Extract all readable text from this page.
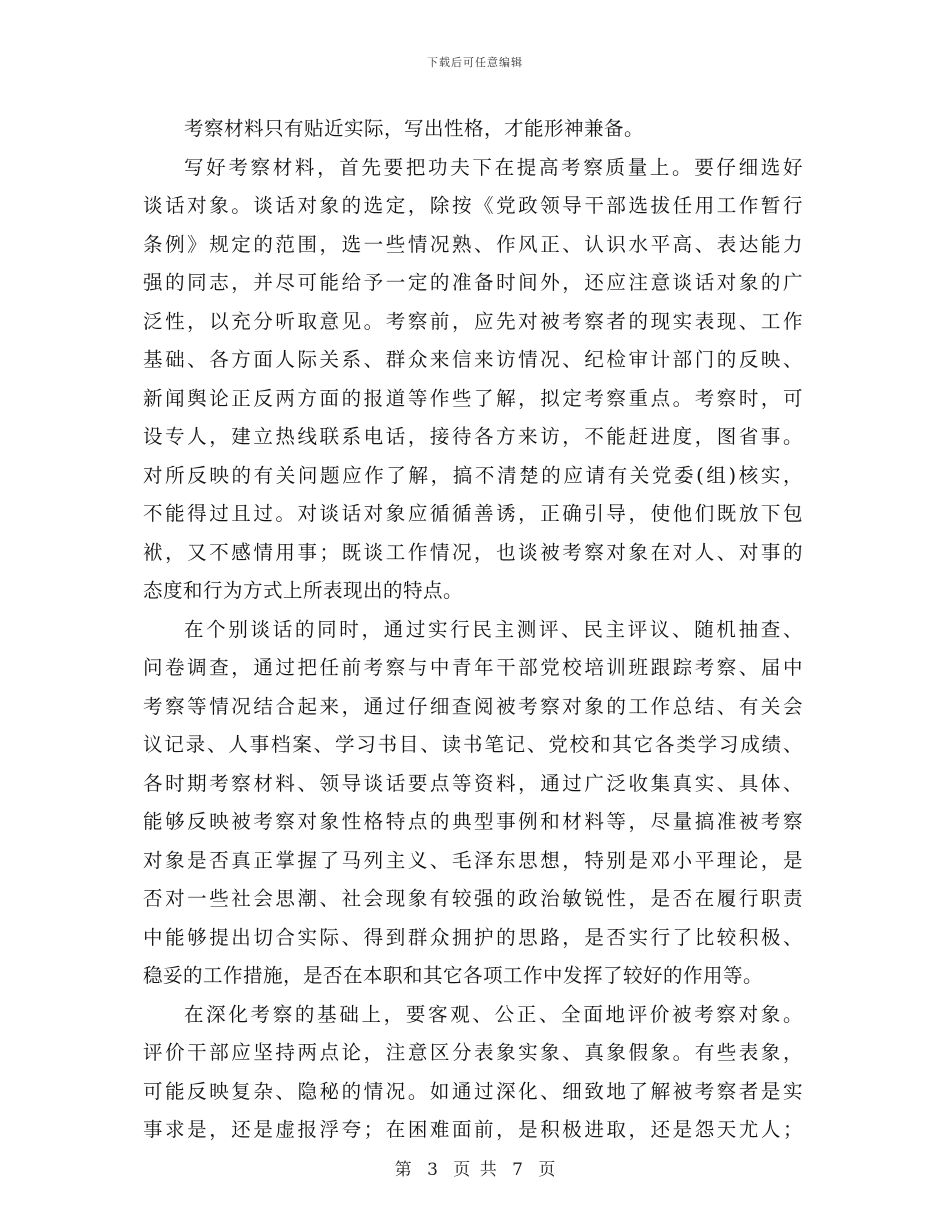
下载后可任意编辑
考察材料只有贴近实际，写出性格，才能形神兼备。
写好考察材料，首先要把功夫下在提高考察质量上。要仔细选好
谈话对象。谈话对象的选定，除按《党政领导干部选拔任用工作暂行
条例》规定的范围，选一些情况熟、作风正、认识水平高、表达能力
强的同志，并尽可能给予一定的准备时间外，还应注意谈话对象的广
泛性，以充分听取意见。考察前，应先对被考察者的现实表现、工作
基础、各方面人际关系、群众来信来访情况、纪检审计部门的反映、
新闻舆论正反两方面的报道等作些了解，拟定考察重点。考察时，可
设专人，建立热线联系电话，接待各方来访，不能赶进度，图省事。
对所反映的有关问题应作了解，搞不清楚的应请有关党委(组)核实，
不能得过且过。对谈话对象应循循善诱，正确引导，使他们既放下包
袱，又不感情用事；既谈工作情况，也谈被考察对象在对人、对事的
态度和行为方式上所表现出的特点。
在个别谈话的同时，通过实行民主测评、民主评议、随机抽查、
问卷调查，通过把任前考察与中青年干部党校培训班跟踪考察、届中
考察等情况结合起来，通过仔细查阅被考察对象的工作总结、有关会
议记录、人事档案、学习书目、读书笔记、党校和其它各类学习成绩、
各时期考察材料、领导谈话要点等资料，通过广泛收集真实、具体、
能够反映被考察对象性格特点的典型事例和材料等，尽量搞准被考察
对象是否真正掌握了马列主义、毛泽东思想，特别是邓小平理论，是
否对一些社会思潮、社会现象有较强的政治敏锐性，是否在履行职责
中能够提出切合实际、得到群众拥护的思路，是否实行了比较积极、
稳妥的工作措施，是否在本职和其它各项工作中发挥了较好的作用等。
在深化考察的基础上，要客观、公正、全面地评价被考察对象。
评价干部应坚持两点论，注意区分表象实象、真象假象。有些表象，
可能反映复杂、隐秘的情况。如通过深化、细致地了解被考察者是实
事求是，还是虚报浮夸；在困难面前，是积极进取，还是怨天尤人；
第 3 页 共 7 页
